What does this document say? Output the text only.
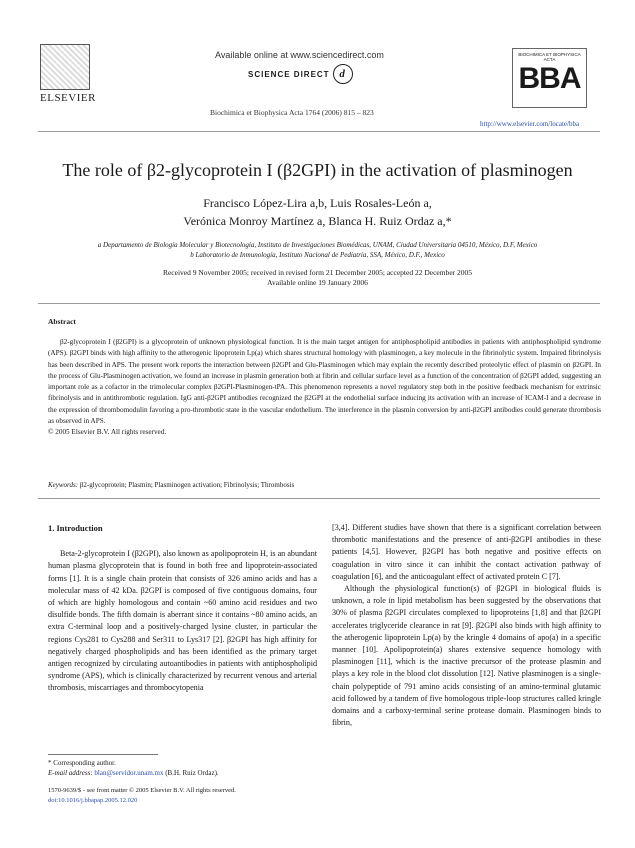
ELSEVIER
Available online at www.sciencedirect.com
SCIENCE DIRECT d
Biochimica et Biophysica Acta 1764 (2006) 815 – 823
BIOCHIMICA ET BIOPHYSICA ACTA
BBA
http://www.elsevier.com/locate/bba
The role of β2-glycoprotein I (β2GPI) in the activation of plasminogen
Francisco López-Lira a,b, Luis Rosales-León a,
Verónica Monroy Martínez a, Blanca H. Ruiz Ordaz a,*
a Departamento de Biología Molecular y Biotecnología, Instituto de Investigaciones Biomédicas, UNAM, Ciudad Universitaria 04510, México, D.F, Mexico
b Laboratorio de Inmunología, Instituto Nacional de Pediatría, SSA, México, D.F., Mexico
Received 9 November 2005; received in revised form 21 December 2005; accepted 22 December 2005
Available online 19 January 2006
Abstract

β2-glycoprotein I (β2GPI) is a glycoprotein of unknown physiological function. It is the main target antigen for antiphospholipid antibodies in patients with antiphospholipid syndrome (APS). β2GPI binds with high affinity to the atherogenic lipoprotein Lp(a) which shares structural homology with plasminogen, a key molecule in the fibrinolytic system. Impaired fibrinolysis has been described in APS. The present work reports the interaction between β2GPI and Glu-Plasminogen which may explain the recently described proteolytic effect of plasmin on β2GPI. In the process of Glu-Plasminogen activation, we found an increase in plasmin generation both at fibrin and cellular surface level as a function of the concentration of β2GPI added, suggesting an important role as a cofactor in the trimolecular complex β2GPI-Plasminogen-tPA. This phenomenon represents a novel regulatory step both in the positive feedback mechanism for extrinsic fibrinolysis and in antithrombotic regulation. IgG anti-β2GPI antibodies recognized the β2GPI at the endothelial surface inducing its activation with an increase of ICAM-I and a decrease in the expression of thrombomodulin favoring a pro-thrombotic state in the vascular endothelium. The interference in the plasmin conversion by anti-β2GPI antibodies could generate thrombosis as observed in APS.

© 2005 Elsevier B.V. All rights reserved.
Keywords: β2-glycoprotein; Plasmin; Plasminogen activation; Fibrinolysis; Thrombosis
1. Introduction

Beta-2-glycoprotein I (β2GPI), also known as apolipoprotein H, is an abundant human plasma glycoprotein that is found in both free and lipoprotein-associated forms [1]. It is a single chain protein that consists of 326 amino acids and has a molecular mass of 42 kDa. β2GPI is composed of five contiguous domains, four of which are highly homologous and contain ~60 amino acid residues and two disulfide bonds. The fifth domain is aberrant since it contains ~80 amino acids, an extra C-terminal loop and a positively-charged lysine cluster, in particular the regions Cys281 to Cys288 and Ser311 to Lys317 [2]. β2GPI has high affinity for negatively charged phospholipids and has been identified as the primary target antigen recognized by circulating autoantibodies in patients with antiphospholipid syndrome (APS), which is clinically characterized by recurrent venous and arterial thrombosis, miscarriages and thrombocytopenia

[3,4]. Different studies have shown that there is a significant correlation between thrombotic manifestations and the presence of anti-β2GPI antibodies in these patients [4,5]. However, β2GPI has both negative and positive effects on coagulation in vitro since it can inhibit the contact activation pathway of coagulation [6], and the anticoagulant effect of activated protein C [7].

Although the physiological function(s) of β2GPI in biological fluids is unknown, a role in lipid metabolism has been suggested by the observations that 30% of plasma β2GPI circulates complexed to lipoproteins [1,8] and that β2GPI accelerates triglyceride clearance in rat [9]. β2GPI also binds with high affinity to the atherogenic lipoprotein Lp(a) by the kringle 4 domains of apo(a) in a specific manner [10]. Apolipoprotein(a) shares extensive sequence homology with plasminogen [11], which is the inactive precursor of the protease plasmin and plays a key role in the blood clot dissolution [12]. Native plasminogen is a single-chain polypeptide of 791 amino acids consisting of an amino-terminal glutamic acid followed by a tandem of five homologous triple-loop structures called kringle domains and a carboxy-terminal serine protease domain. Plasminogen binds to fibrin,

* Corresponding author.
E-mail address: blan@servidor.unam.mx (B.H. Ruiz Ordaz).
1570-9639/$ - see front matter © 2005 Elsevier B.V. All rights reserved.
doi:10.1016/j.bbapap.2005.12.020
